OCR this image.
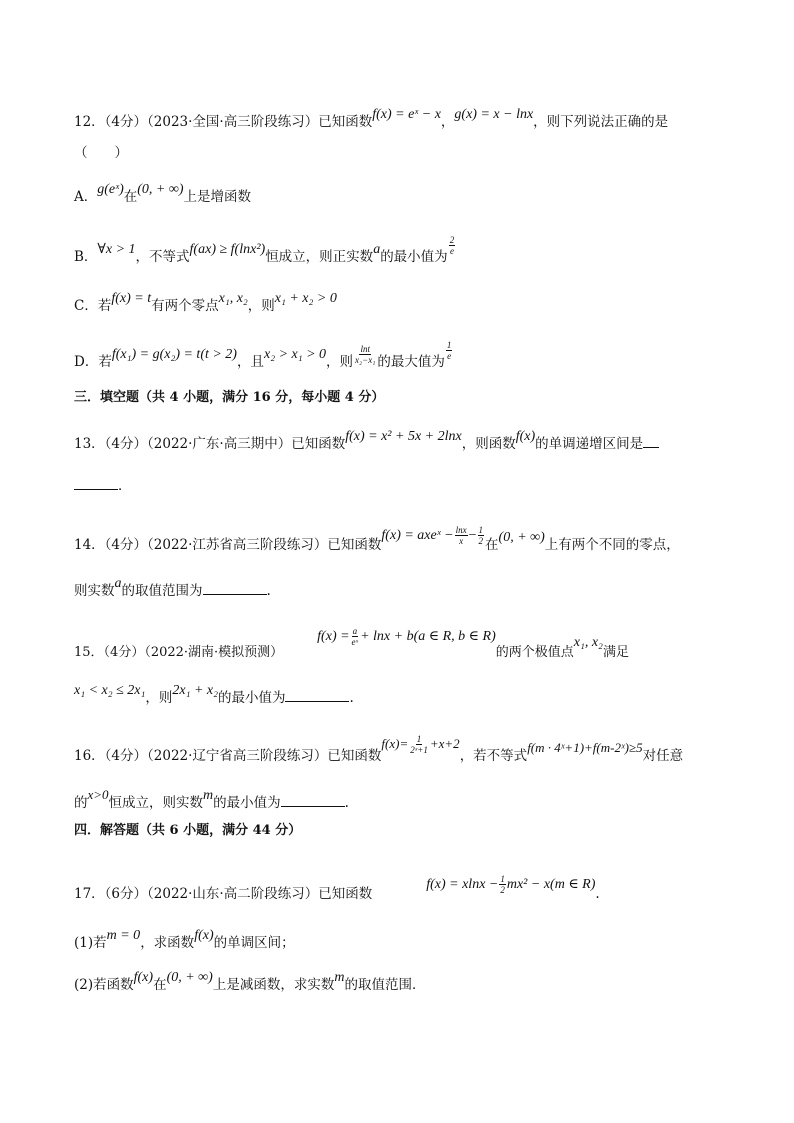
12．（4分）（2023·全国·高三阶段练习）已知函数f(x) = eˣ − x，g(x) = x − lnx，则下列说法正确的是
（　　）
A．g(eˣ)在(0, + ∞)上是增函数
B．∀x > 1，不等式f(ax) ≥ f(lnx²)恒成立，则正实数a的最小值为
$\frac{2}{e}$
C．若f(x) = t有两个零点x₁, x₂，则x₁ + x₂ > 0
D．若f(x₁) = g(x₂) = t(t > 2)，且x₂ > x₁ > 0，则 $\frac{\ln t}{\text{x₂−x₁}}$ 的最大值为
$\frac{1}{e}$
三．填空题（共 4 小题，满分 16 分，每小题 4 分）
13．（4分）（2022·广东·高三期中）已知函数f(x) = x² + 5x + 2lnx，则函数f(x)的单调递增区间是
．
14．（4分）（2022·江苏省高三阶段练习）已知函数f(x) = axeˣ − $\frac{\ln x}{x} - \frac{1}{2}$ 在(0, + ∞)上有两个不同的零点，
则实数a的取值范围为	.
15．（4分）（2022·湖南·模拟预测）$f(x) = \frac{a}{\text{eˣ}} + \ln x + b(a$ ∈ R, b ∈ R)的两个极值点x₁, x₂满足
x₁ < x₂ ≤ 2x₁，则2x₁ + x₂的最小值为	.
16．（4分）（2022·辽宁省高三阶段练习）已知函数$f(x)= \frac{1}{\text{2ˣ+1}} +x+2$，若不等式f(m · 4ˣ+1)+f(m-2ˣ)≥5对任意
的x>0恒成立，则实数m的最小值为	.
四．解答题（共 6 小题，满分 44 分）
17．（6分）（2022·山东·高二阶段练习）已知函数$f(x) = xlnx - \frac{1}{2} mx^2 - x(m$ ∈ R).
(1)若m = 0，求函数f(x)的单调区间；
(2)若函数f(x)在(0, + ∞)上是减函数，求实数m的取值范围．
